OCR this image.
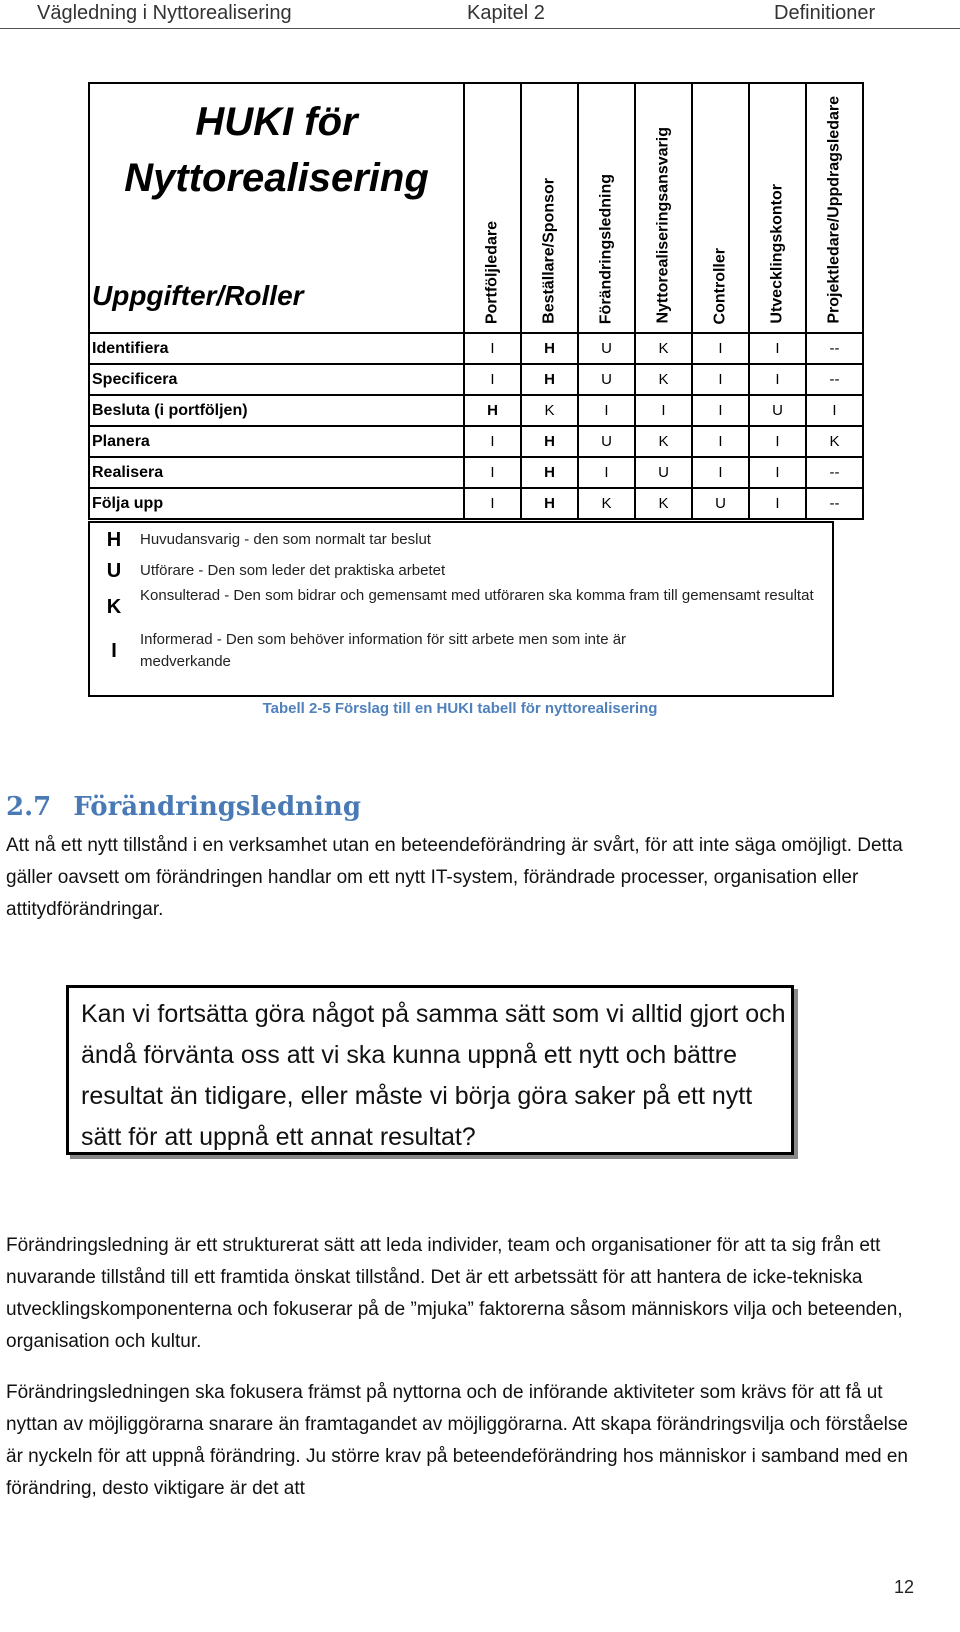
Vägledning i Nyttorealisering	Kapitel 2	Definitioner
HUKI för Nyttorealisering
Uppgifter/Roller	Portföljledare	Beställare/Sponsor	Förändringsledning	Nyttorealiseringsansvarig	Controller	Utvecklingskontor	Projektledare/Uppdragsledare

Identifiera	I	H	U	K	I	I	--
Specificera	I	H	U	K	I	I	--
Besluta (i portföljen)	H	K	I	I	I	U	I
Planera	I	H	U	K	I	I	K
Realisera	I	H	I	U	I	I	--
Följa upp	I	H	K	K	U	I	--
H	Huvudansvarig - den som normalt tar beslut
U	Utförare - Den som leder det praktiska arbetet
K
Konsulterad - Den som bidrar och gemensamt med utföraren ska komma fram till gemensamt resultat
I
Informerad - Den som behöver information för sitt arbete men som inte är medverkande
Tabell 2-5 Förslag till en HUKI tabell för nyttorealisering
2.7 Förändringsledning
Att nå ett nytt tillstånd i en verksamhet utan en beteendeförändring är svårt, för att inte säga omöjligt. Detta gäller oavsett om förändringen handlar om ett nytt IT-system, förändrade processer, organisation eller attitydförändringar.
Kan vi fortsätta göra något på samma sätt som vi alltid gjort och ändå förvänta oss att vi ska kunna uppnå ett nytt och bättre resultat än tidigare, eller måste vi börja göra saker på ett nytt sätt för att uppnå ett annat resultat?
Förändringsledning är ett strukturerat sätt att leda individer, team och organisationer för att ta sig från ett nuvarande tillstånd till ett framtida önskat tillstånd. Det är ett arbetssätt för att hantera de icke-tekniska utvecklingskomponenterna och fokuserar på de ”mjuka” faktorerna såsom människors vilja och beteenden, organisation och kultur.
Förändringsledningen ska fokusera främst på nyttorna och de införande aktiviteter som krävs för att få ut nyttan av möjliggörarna snarare än framtagandet av möjliggörarna. Att skapa förändringsvilja och förståelse är nyckeln för att uppnå förändring. Ju större krav på beteendeförändring hos människor i samband med en förändring, desto viktigare är det att
12
